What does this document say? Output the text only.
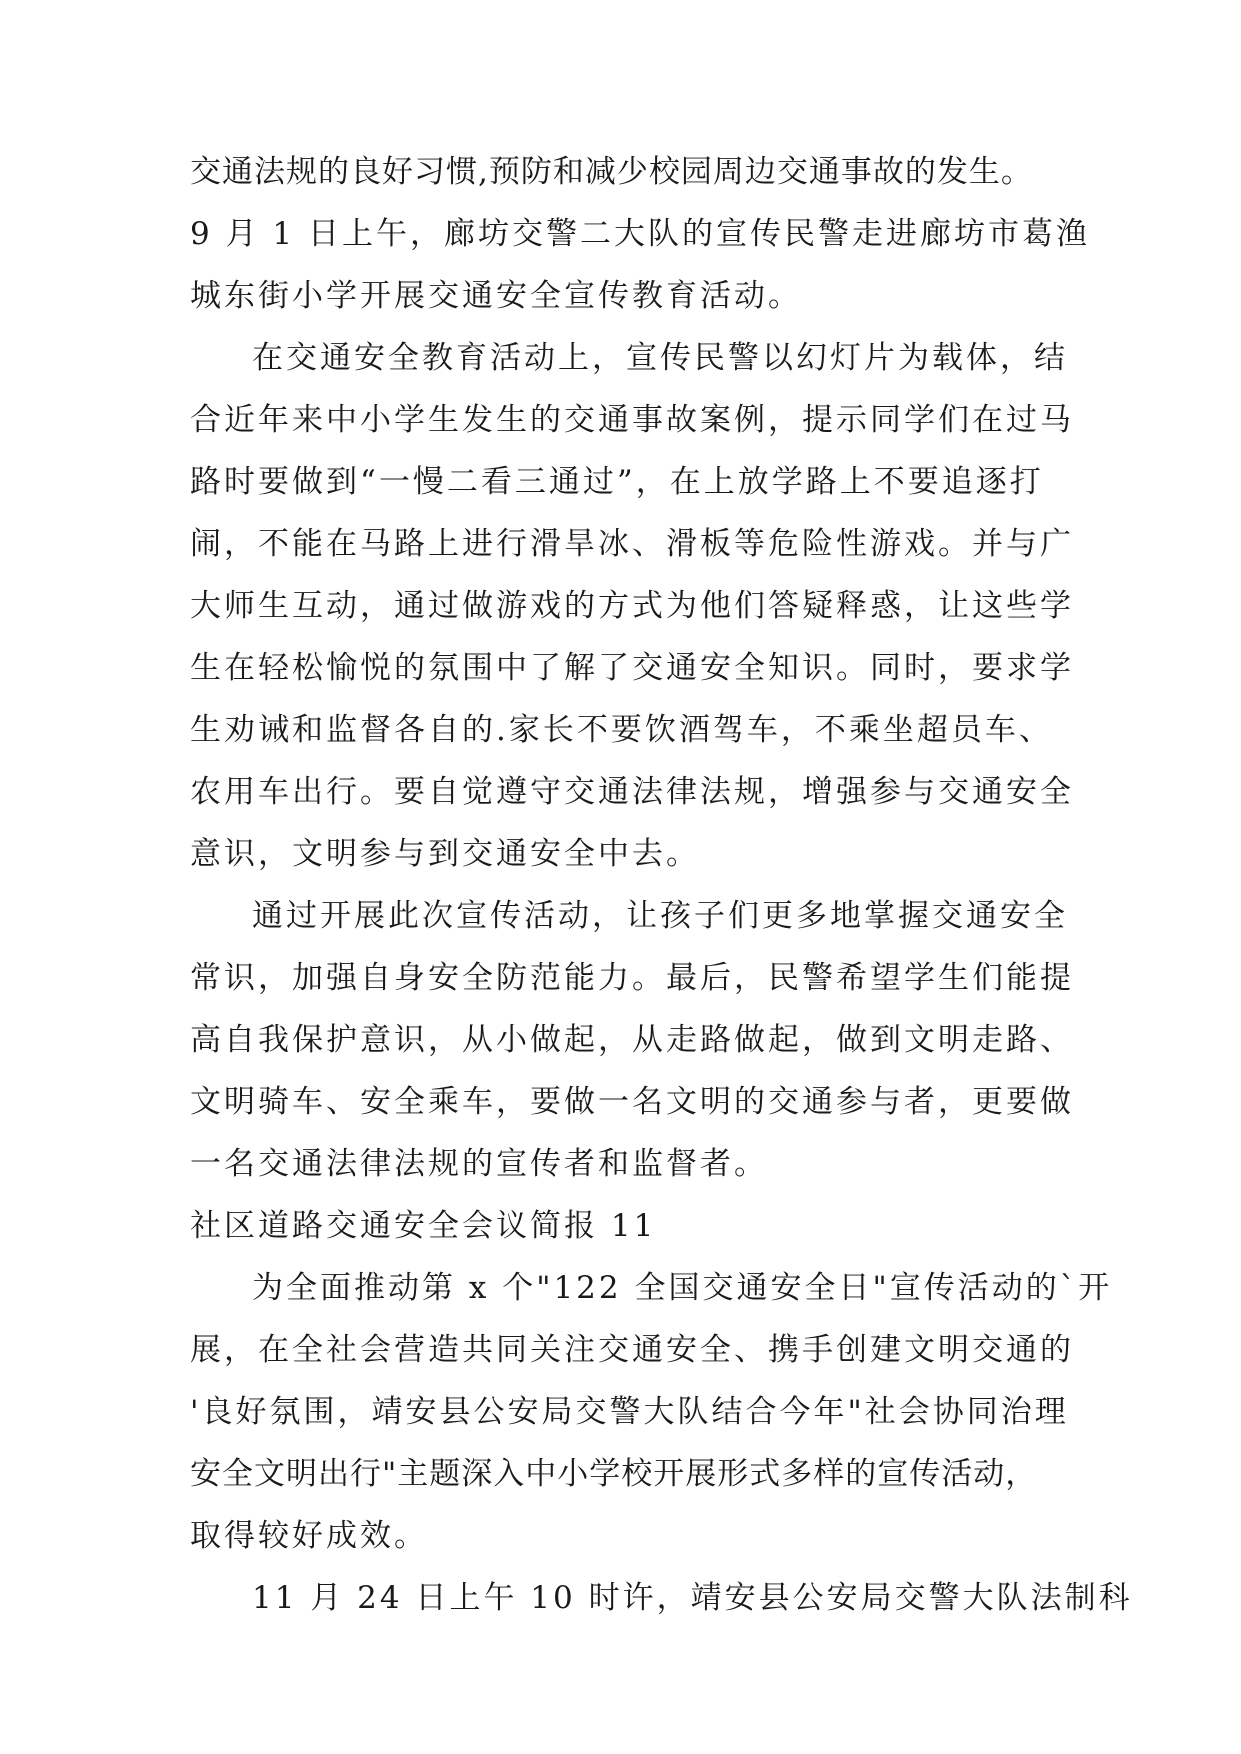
交通法规的良好习惯,预防和减少校园周边交通事故的发生。
9 月 1 日上午，廊坊交警二大队的宣传民警走进廊坊市葛渔
城东街小学开展交通安全宣传教育活动。
在交通安全教育活动上，宣传民警以幻灯片为载体，结
合近年来中小学生发生的交通事故案例，提示同学们在过马
路时要做到“一慢二看三通过”，在上放学路上不要追逐打
闹，不能在马路上进行滑旱冰、滑板等危险性游戏。并与广
大师生互动，通过做游戏的方式为他们答疑释惑，让这些学
生在轻松愉悦的氛围中了解了交通安全知识。同时，要求学
生劝诫和监督各自的.家长不要饮酒驾车，不乘坐超员车、
农用车出行。要自觉遵守交通法律法规，增强参与交通安全
意识，文明参与到交通安全中去。
通过开展此次宣传活动，让孩子们更多地掌握交通安全
常识，加强自身安全防范能力。最后，民警希望学生们能提
高自我保护意识，从小做起，从走路做起，做到文明走路、
文明骑车、安全乘车，要做一名文明的交通参与者，更要做
一名交通法律法规的宣传者和监督者。
社区道路交通安全会议简报 11
为全面推动第 x 个"122 全国交通安全日"宣传活动的`开
展，在全社会营造共同关注交通安全、携手创建文明交通的
'良好氛围，靖安县公安局交警大队结合今年"社会协同治理
安全文明出行"主题深入中小学校开展形式多样的宣传活动，
取得较好成效。
11 月 24 日上午 10 时许，靖安县公安局交警大队法制科
